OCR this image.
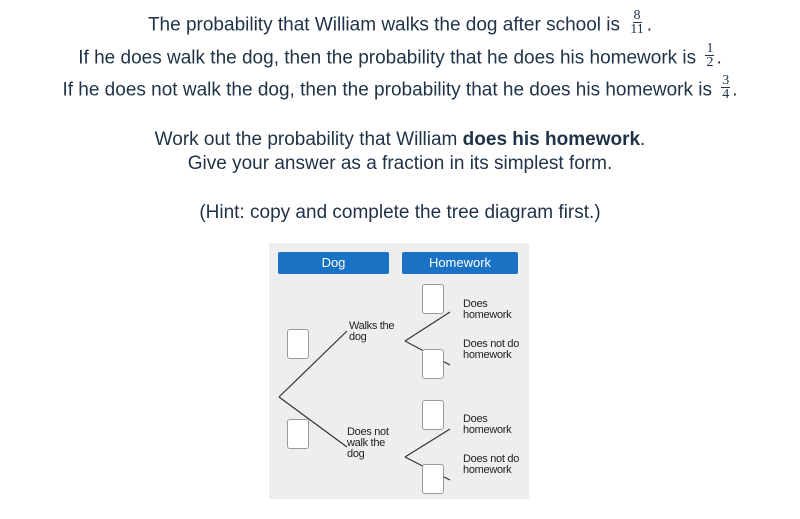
The probability that William walks the dog after school is $\frac{8}{11}$ .
If he does walk the dog, then the probability that he does his homework is $\frac{1}{2}$ .
If he does not walk the dog, then the probability that he does his homework is $\frac{3}{4}$ .
Work out the probability that William does his homework.
Give your answer as a fraction in its simplest form.
(Hint: copy and complete the tree diagram first.)
Dog	Homework
Walks the dog
Does not walk the dog
Does homework
Does not do homework
Does homework
Does not do homework
